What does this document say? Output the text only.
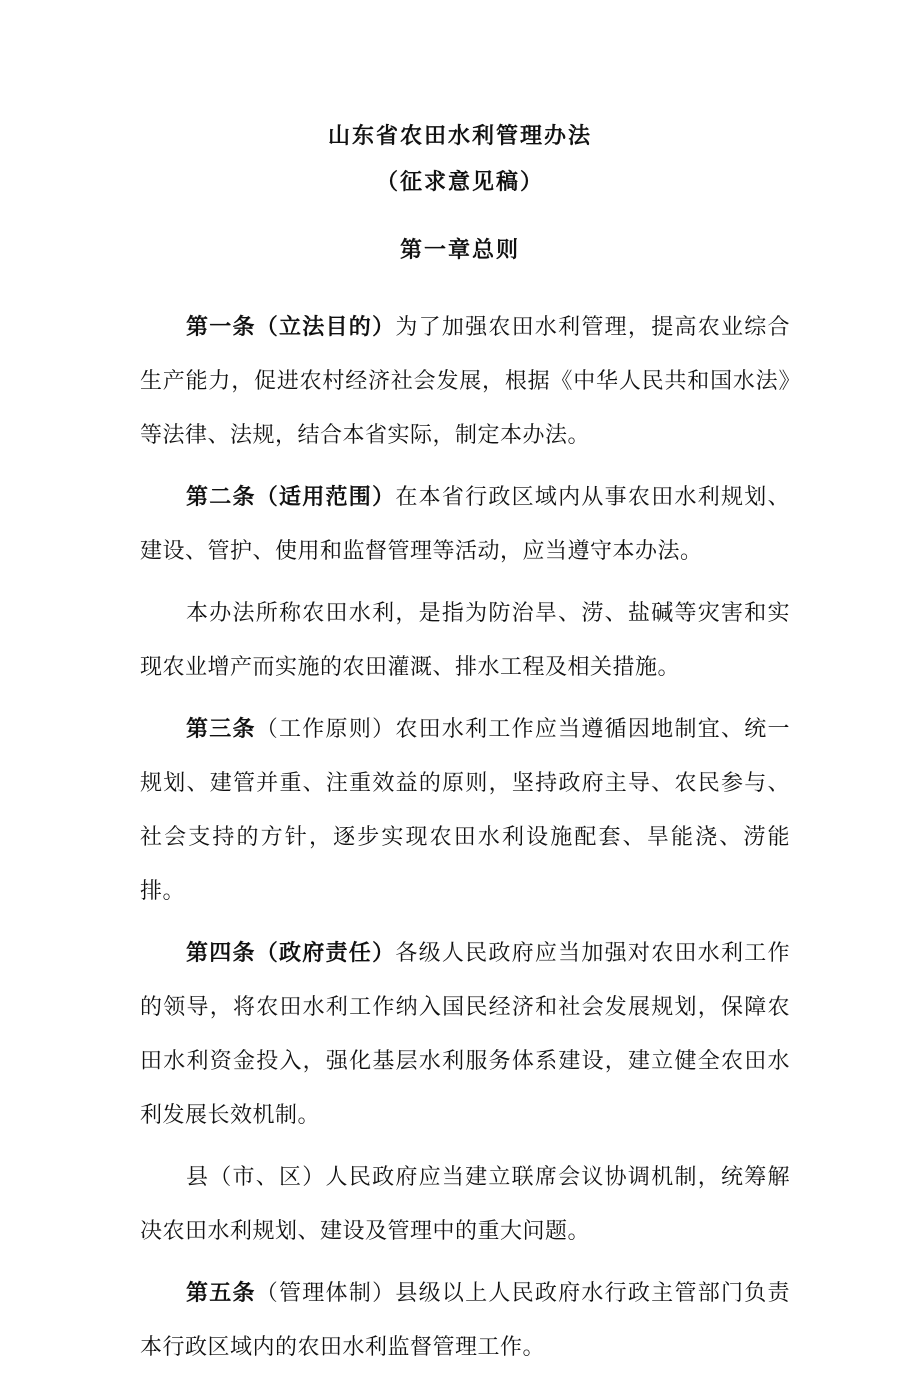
山东省农田水利管理办法
（征求意见稿）
第一章总则

第一条（立法目的）为了加强农田水利管理，提高农业综合生产能力，促进农村经济社会发展，根据《中华人民共和国水法》等法律、法规，结合本省实际，制定本办法。

第二条（适用范围）在本省行政区域内从事农田水利规划、建设、管护、使用和监督管理等活动，应当遵守本办法。

本办法所称农田水利，是指为防治旱、涝、盐碱等灾害和实现农业增产而实施的农田灌溉、排水工程及相关措施。

第三条（工作原则）农田水利工作应当遵循因地制宜、统一规划、建管并重、注重效益的原则，坚持政府主导、农民参与、社会支持的方针，逐步实现农田水利设施配套、旱能浇、涝能排。

第四条（政府责任）各级人民政府应当加强对农田水利工作的领导，将农田水利工作纳入国民经济和社会发展规划，保障农田水利资金投入，强化基层水利服务体系建设，建立健全农田水利发展长效机制。

县（市、区）人民政府应当建立联席会议协调机制，统筹解决农田水利规划、建设及管理中的重大问题。

第五条（管理体制）县级以上人民政府水行政主管部门负责本行政区域内的农田水利监督管理工作。
